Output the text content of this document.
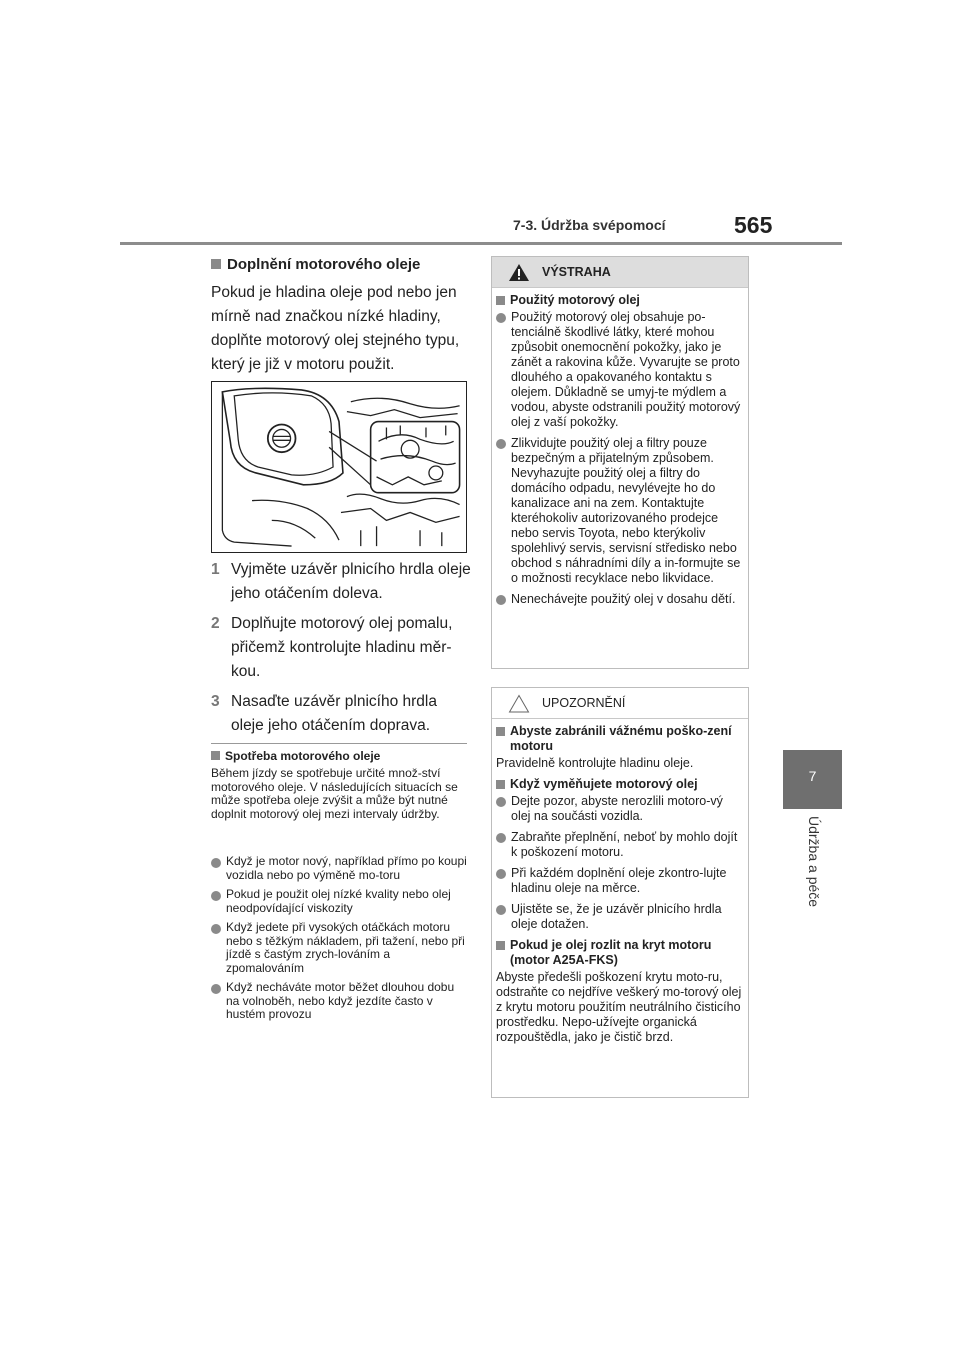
7-3. Údržba svépomocí	565
7
Údržba a péče
Doplnění motorového oleje

Pokud je hladina oleje pod nebo jen mírně nad značkou nízké hladiny, doplňte motorový olej stejného typu, který je již v motoru použit.

1 Vyjměte uzávěr plnicího hrdla oleje jeho otáčením doleva.
2 Doplňujte motorový olej pomalu, přičemž kontrolujte hladinu měr-kou.
3 Nasaďte uzávěr plnicího hrdla oleje jeho otáčením doprava.
Spotřeba motorového oleje

Během jízdy se spotřebuje určité množ-ství motorového oleje. V následujících situacích se může spotřeba oleje zvýšit a může být nutné doplnit motorový olej mezi intervaly údržby.

Když je motor nový, například přímo po koupi vozidla nebo po výměně mo-toru
Pokud je použit olej nízké kvality nebo olej neodpovídající viskozity
Když jedete při vysokých otáčkách motoru nebo s těžkým nákladem, při tažení, nebo při jízdě s častým zrych-lováním a zpomalováním
Když necháváte motor běžet dlouhou dobu na volnoběh, nebo když jezdíte často v hustém provozu
VÝSTRAHA

Použitý motorový olej

Použitý motorový olej obsahuje po-tenciálně škodlivé látky, které mohou způsobit onemocnění pokožky, jako je zánět a rakovina kůže. Vyvarujte se proto dlouhého a opakovaného kontaktu s olejem. Důkladně se umyj-te mýdlem a vodou, abyste odstranili použitý motorový olej z vaší pokožky.

Zlikvidujte použitý olej a filtry pouze bezpečným a přijatelným způsobem. Nevyhazujte použitý olej a filtry do domácího odpadu, nevylévejte ho do kanalizace ani na zem. Kontaktujte kteréhokoliv autorizovaného prodejce nebo servis Toyota, nebo kterýkoliv spolehlivý servis, servisní středisko nebo obchod s náhradními díly a in-formujte se o možnosti recyklace nebo likvidace.

Nenechávejte použitý olej v dosahu dětí.

UPOZORNĚNÍ

Abyste zabránili vážnému poško-zení motoru

Pravidelně kontrolujte hladinu oleje.

Když vyměňujete motorový olej

Dejte pozor, abyste nerozlili motoro-vý olej na součásti vozidla.

Zabraňte přeplnění, neboť by mohlo dojít k poškození motoru.

Při každém doplnění oleje zkontro-lujte hladinu oleje na měrce.

Ujistěte se, že je uzávěr plnicího hrdla oleje dotažen.

Pokud je olej rozlit na kryt motoru (motor A25A-FKS)

Abyste předešli poškození krytu moto-ru, odstraňte co nejdříve veškerý mo-torový olej z krytu motoru použitím neutrálního čisticího prostředku. Nepo-užívejte organická rozpouštědla, jako je čistič brzd.
